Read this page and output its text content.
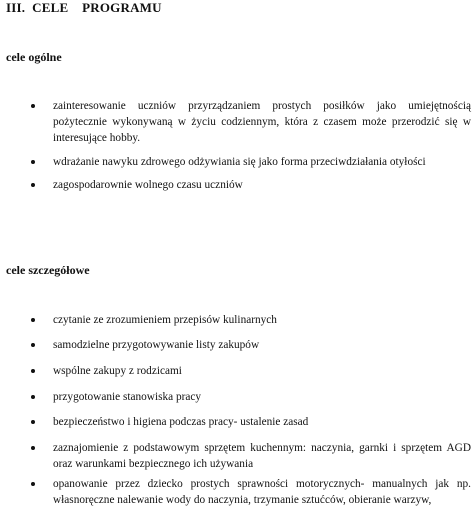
III.  CELE    PROGRAMU
cele ogólne
zainteresowanie uczniów przyrządzaniem prostych posiłków jako umiejętnością pożytecznie wykonywaną w życiu codziennym, która z czasem może przerodzić się w interesujące hobby.
wdrażanie nawyku zdrowego odżywiania się jako forma przeciwdziałania otyłości
zagospodarownie wolnego czasu uczniów
cele szczegółowe
czytanie ze zrozumieniem przepisów kulinarnych
samodzielne przygotowywanie listy zakupów
wspólne zakupy z rodzicami
przygotowanie stanowiska pracy
bezpieczeństwo i higiena podczas pracy- ustalenie zasad
zaznajomienie z podstawowym sprzętem kuchennym: naczynia, garnki i sprzętem AGD oraz warunkami bezpiecznego ich używania
opanowanie przez dziecko prostych sprawności motorycznych- manualnych jak np. własnoręczne nalewanie wody do naczynia, trzymanie sztućców, obieranie warzyw,
